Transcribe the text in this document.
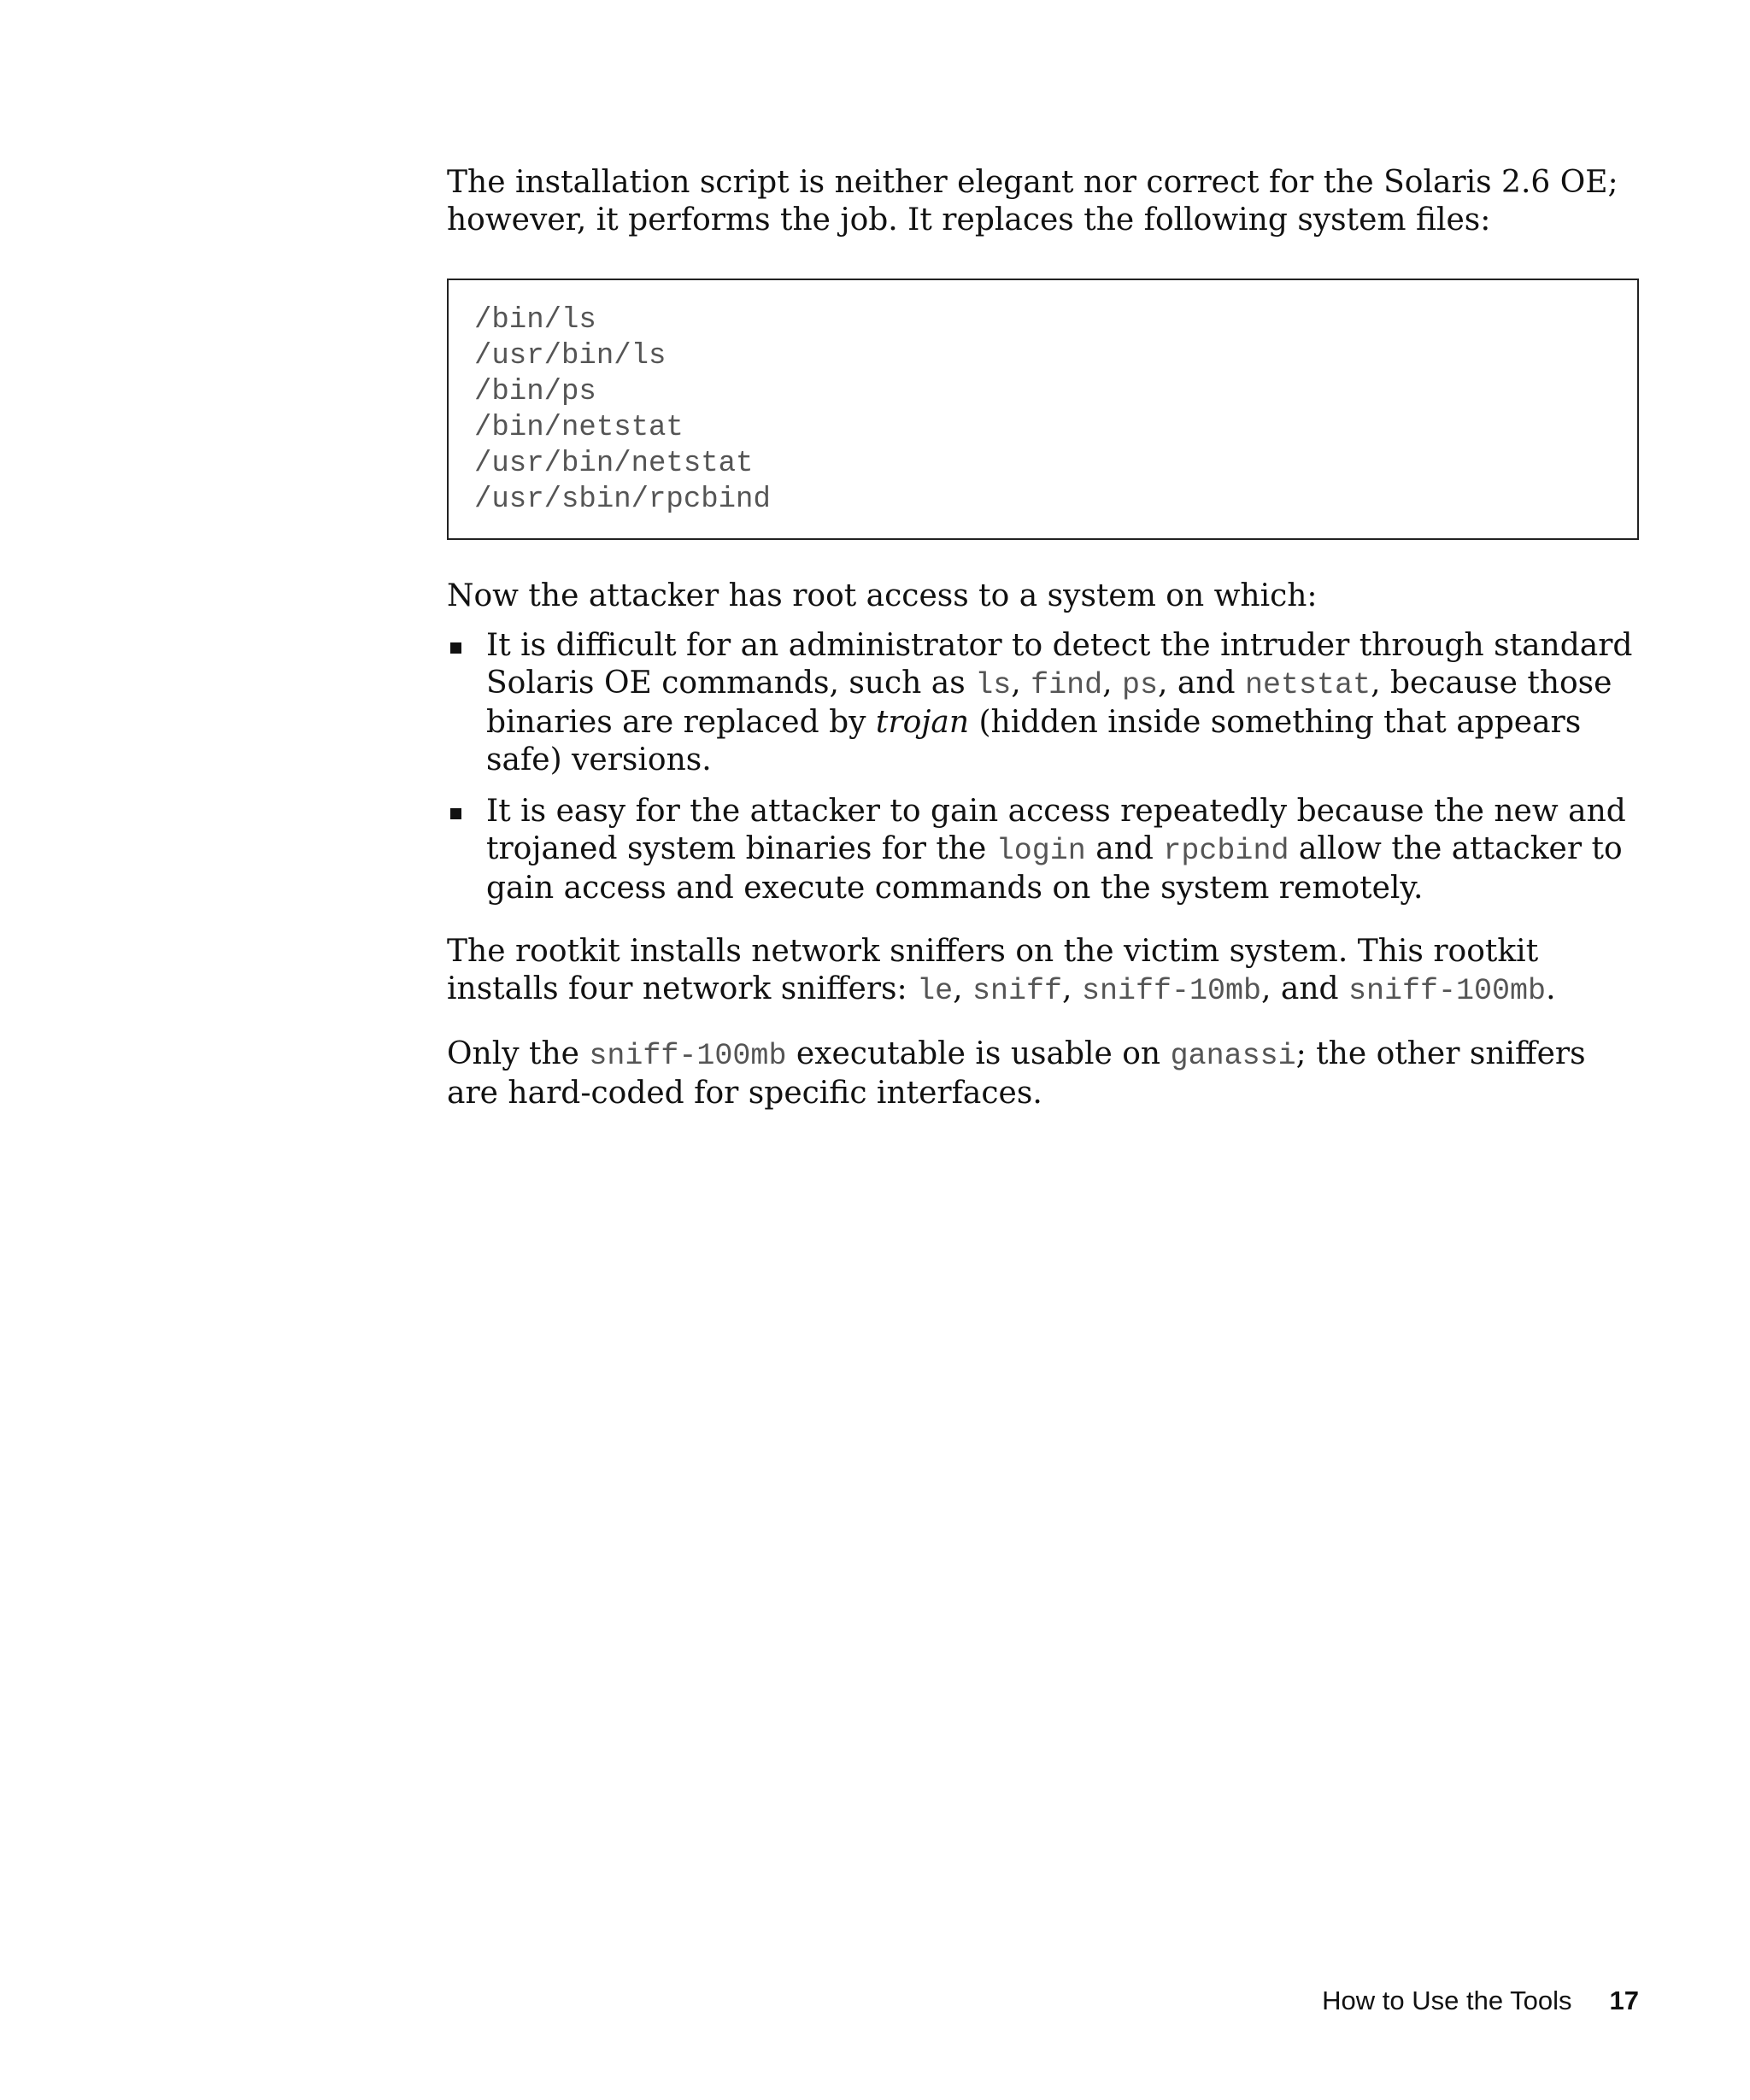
The installation script is neither elegant nor correct for the Solaris 2.6 OE; however, it performs the job. It replaces the following system files:

/bin/ls
/usr/bin/ls
/bin/ps
/bin/netstat
/usr/bin/netstat
/usr/sbin/rpcbind

Now the attacker has root access to a system on which:

It is difficult for an administrator to detect the intruder through standard Solaris OE commands, such as ls, find, ps, and netstat, because those binaries are replaced by trojan (hidden inside something that appears safe) versions.
It is easy for the attacker to gain access repeatedly because the new and trojaned system binaries for the login and rpcbind allow the attacker to gain access and execute commands on the system remotely.

The rootkit installs network sniffers on the victim system. This rootkit installs four network sniffers: le, sniff, sniff-10mb, and sniff-100mb.

Only the sniff-100mb executable is usable on ganassi; the other sniffers are hard-coded for specific interfaces.

How to Use the Tools 17
